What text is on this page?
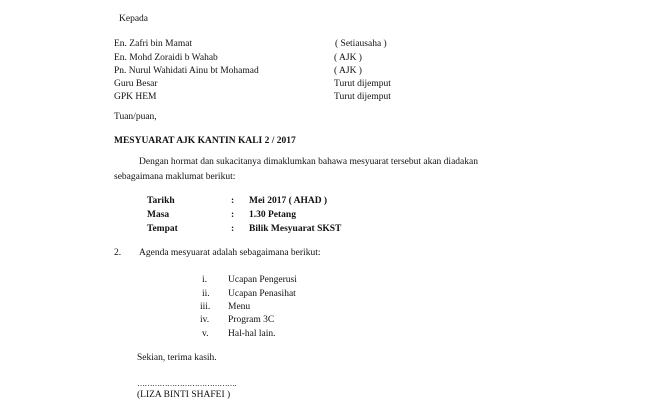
Kepada
En. Zafri bin Mamat	( Setiausaha )
En. Mohd Zoraidi b Wahab	( AJK )
Pn. Nurul Wahidati Ainu bt Mohamad	( AJK )
Guru Besar	Turut dijemput
GPK HEM	Turut dijemput
Tuan/puan,
MESYUARAT AJK KANTIN KALI 2 / 2017
Dengan hormat dan sukacitanya dimaklumkan bahawa mesyuarat tersebut akan diadakan
sebagaimana maklumat berikut:
Tarikh	: Mei 2017 ( AHAD )
Masa	: 1.30 Petang
Tempat	: Bilik Mesyuarat SKST
2. Agenda mesyuarat adalah sebagaimana berikut:
i. Ucapan Pengerusi
ii. Ucapan Penasihat
iii. Menu
iv. Program 3C
v. Hal-hal lain.
Sekian, terima kasih.
………………………………….
(LIZA BINTI SHAFEI )
